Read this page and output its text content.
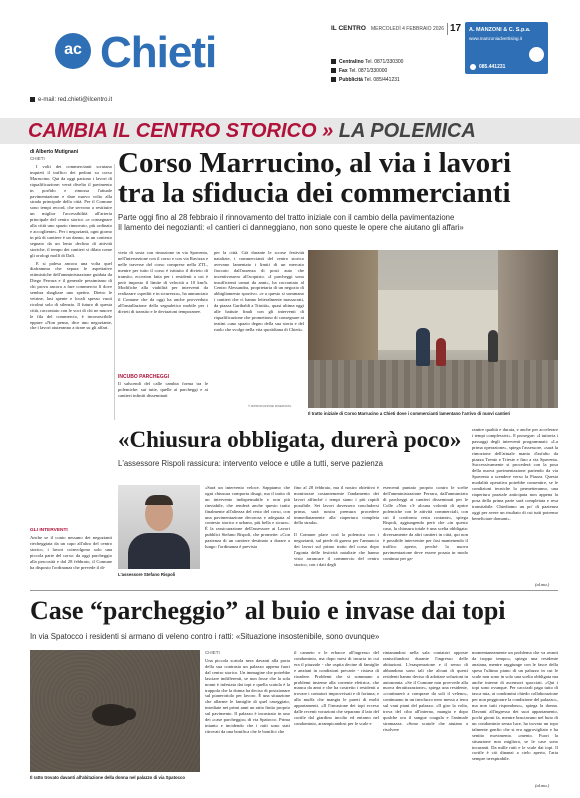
ac Chieti	IL CENTRO MERCOLEDÌ 4 FEBBRAIO 2026 17
Centralino Tel. 0871/330300
Fax Tel. 0871/330000
Pubblicità Tel. 085/441231
A. MANZONI & C. S.p.a.
www.manzoniadvertising.it
085.441231
e-mail: red.chieti@ilcentro.it
CAMBIA IL CENTRO STORICO » LA POLEMICA
di Alberto Mutignani
CHIETI

I volti dei commercianti scrutano inquieti il traffico dei pedoni su corso Marrucino. Qui da oggi partono i lavori di riqualificazione: verrà divelto il pavimento in porfido e rimossa l'attuale pavimentazione e dare nuovo volto alla strada principale della città. Per il Comune sono tempi record, che servono a restituire un miglior l'accessibilità all'arteria principale del centro storico «e consegnare alla città uno spazio rinnovato, più ordinato e accogliente». Per i negozianti, ogni giorno in più di cantiere è un danno, in un contesto segnato da un lento declino di attività storiche, il tempo dei cantieri si dilata come gli orologi molli di Dalì.

E si palesa ancora una volta quel diaframma che separa le aspettative ottimistiche dell'amministrazione guidata da Diego Ferrara e il generale pessimismo di chi prova ancora a fare commercio lì dove sembra sbagliare uno spettro. Dietro le vetrine, lasi spente e locali spesso vuoti ricolmi solo di silenzio. Il futuro di questa città, raccontato con le voci di chi ne muove le fila del commercio, è inconoscibile eppure «Non penso, dice uno negoziante, che i lavori aiuteranno a tirare su gli affari.

Corso Marrucino, al via i lavori
tra la sfiducia dei commercianti
Parte oggi fino al 28 febbraio il rinnovamento del tratto iniziale con il cambio della pavimentazione
Il lamento dei negozianti: «I cantieri ci danneggiano, non sono queste le opere che aiutano gli affari»
vieto di sosta con rimozione in via Spaventa, nell'intersezione con il corso e con via Ravizza e nelle traverse del corso comprese nella ZTL, mentre per tutto il corso è istituito il divieto di transito, eccezion fatta per i residenti a cui è però imposto il limite di velocità a 10 km/h. Modifiche alla viabilità per interventi da realizzare «spediti e in sicurezza», ha annunciato il Comune che da oggi ha anche provveduto all'installazione della segnaletica mobile per i divieti di transito e le deviazioni temporanee.
INCUBO PARCHEGGI
Il salscendi del calle cambia forma tra le polemiche: sui tutte, quelle ai parcheggi e ai cantieri infiniti disseminati
per la città. Già durante le scorse festività natalizie, i commercianti del centro storico avevano lamentato i limiti di un mercato fiaccato dall'assenza di posti auto che incentivassero all'acquisto. «I parcheggi sono insufficienti ormai da anni», ha raccontato al Centro Alessandra, proprietaria di un negozio di abbigliamento sportivo. «e a questo si sommano i cantieri che ci hanno letteralmente massacrati, da piazza Garibaldi a Trinità», quasi ultima oggi alle battute finali con gli interventi di riqualificazione che promettono di consegnare ai teatini «uno spazio degno della sua storia e del ruolo che svolge nella vita quotidiana di Chieti».
© RIPRODUZIONE RISERVATA
Il tratto iniziale di Corso Marrucino a Chieti dove i commercianti lamentano l'arrivo di nuovi cantieri
«Chiusura obbligata, durerà poco»
L'assessore Rispoli rassicura: intervento veloce e utile a tutti, serve pazienza
GLI INTERVENTI
Anche se il conto nessuno dei negozianti riecheggiata da un capo all'altro del centro storico, i lavori coinvolgono solo una piccola parte del corso: da oggi parcheggio alla pescosità e dal 28 febbraio, il Comune ha disposto l'ordinanza che prevede il di-
L'assessore Stefano Rispoli
«Sarà un intervento veloce. Sappiamo che ogni chiusura comporta disagi, ma il tratto di un intervento indispensabile e non più rinviabile, che renderà anche questo tratto finalmente all'altezza del resto del corso, con una pavimentazione decorosa e adeguata al contesto storico e urbano, più bella e sicura». È la rassicurazione dell'assessore ai Lavori pubblici Stefano Rispoli, che promette: «Con pazienza di un cantiere destinato a durare a lungo: l'ordinanza è prevista
fino al 28 febbraio, ma il nostro obiettivo è monitorare costantemente l'andamento dei lavori affinché i tempi siano i più rapidi possibile. Sei lavori dovessero concludersi prima, sarà nostra premura procedere immediatamente alla riapertura completa della strada».

Il Comune place così la polemica con i negozianti, sul piede di guerra per l'annuncio dei lavori sul primo tratto del corso dopo l'agonia delle festività natalizie che hanno visto arrancare il commercio del centro storico, con i dati degli
esercenti puntato proprio contro le scelte dell'amministrazione Ferrara, dall'annunciato di parcheggi ai cantieri disseminati per le Colle «Non c'è alcuna volontà di aprire polemiche con le attività commerciali, con cui il confronto resta costante», spiega Rispoli, aggiungendo però che «in questo caso, la chiusura totale è una scelta obbligata: diversamente da altri cantieri in città, qui non è possibile intervenire per fasi mantenendo il traffico aperto, perché la nuova pavimentazione deve essere posata in modo continuo per ga-
rantire qualità e durata, e anche per accelerare i tempi complessivi». E prosegue: «I tuttavia i passaggi degli interventi programmati: «La prima operazione», spiega l'assessore, «sarà la rimozione dell'attuale manto d'asfalto da piazza Trento e Trieste e fino a via Spaventa. Successivamente si procederà con la posa della nuova pavimentazione partendo da via Spaventa a scendere verso la Piazza. Questa modalità operativa potrebbe consentire, se le condizioni tecniche lo permetteranno, una riapertura parziale anticipata non appena la posa della prima parte sarà completata e resa transitabile. Chiediamo un po' di pazienza oggi per avere un risultato di cui tutti potremo beneficiare domani».
(al.mu.)
Case “parcheggio” al buio e invase dai topi
In via Spatocco i residenti si armano di veleno contro i ratti: «Situazione insostenibile, sono ovunque»
Il ratto trovato davanti all'abitazione della donna nel palazzo di via Spatocco
CHIETI
Una piccola scatola nera davanti alla porta della sua contrasta un palazzo appena fuori dal centro storico. Un immagine che potrebbe lasciare indifferenti, se non fosse che la sola nonni è infestata dai topi e quella scatola è la trappola che la donna ha deciso di posizionare sul pianerottolo per lavoro. È una situazione che allarme le famiglie di quel caseggiato, insediate nei primi anni un ratto finito proprio sul pavimento. Il palazzo è incastrato in uno dei «case parcheggio» di via Spatocco. Prima intanto e incidendo che i ratti sono stati ritrovati da una bonifica che le bonifici che
il canneto e le erbacce all'ingresso del condominio, ma dopo mesi di incuria in cui era il piazzale - che ospita decine di famiglie e anziani in condizioni precarie - ristava di rioadere. Problemi che si sommano a problemi insieme alla corrente elettrica, che manca da anni e che ha costretto i residenti a trovare i contatori improvvisati e di fortuna, e alla muffa che mangia le pareti di molti appartamenti. «Il l'invasione dei topi ecceso dalle recenti vorazioni che separano il lato del cortile dal giardino incolto ed entrano nel condominio, arrampicandosi per le scale e
rintanandosi nella sala contatori opposte raniscifandosi durante l'ingresso delle abitazioni. L'esasperazione e il senso di abbandono sono tali che alcuni di questi residenti hanno deciso di adottare soluzioni in autonomia. «Se il Comune non provvede alla nuova derattizzazione», spiega una residente, «continuerò a comprare da soli il veleno», continuano in un involucro nero messo a terra sul vani piani del palazzo. «Il giro la volta, trova del cibo all'interno, mangia e dopo qualche ora il sangue coagula e l'animale stramazza. «Sono scatole che aiutano a risolvere
momentaneamente un problema che va avanti da troppo tempo», spiega una residente anziana, mentre raggiunge con le fasce della spesa l'ultimo piano di un palazzo in cui le scale non sono in solo una scelta obbligata ma anche interne di ascensori spacciati. «Qui i topi sono ovunque. Per cacciarli paga tutto di tasca mia, ai condomini chiedo collaborazione per non peggiorare la condizione del palazzo», ma non tutti rispondono», spiega la donna. Davanti all'ingresso dei suoi appartamento, pochi giorni fa, mentre bruciavano nel buio di un condominio senza luce, ha trovato un topo talmente gonfio che si era aggrovigliato e ha sentito movimento. «mento. Fuori la situazione non migliora, se le case sono incuranti. Da mille ratti e le scale dai topi. Il cortile è ciò dinanzi a cielo aperto, l'aria sempre irrespirabile.
(al.mu.)
